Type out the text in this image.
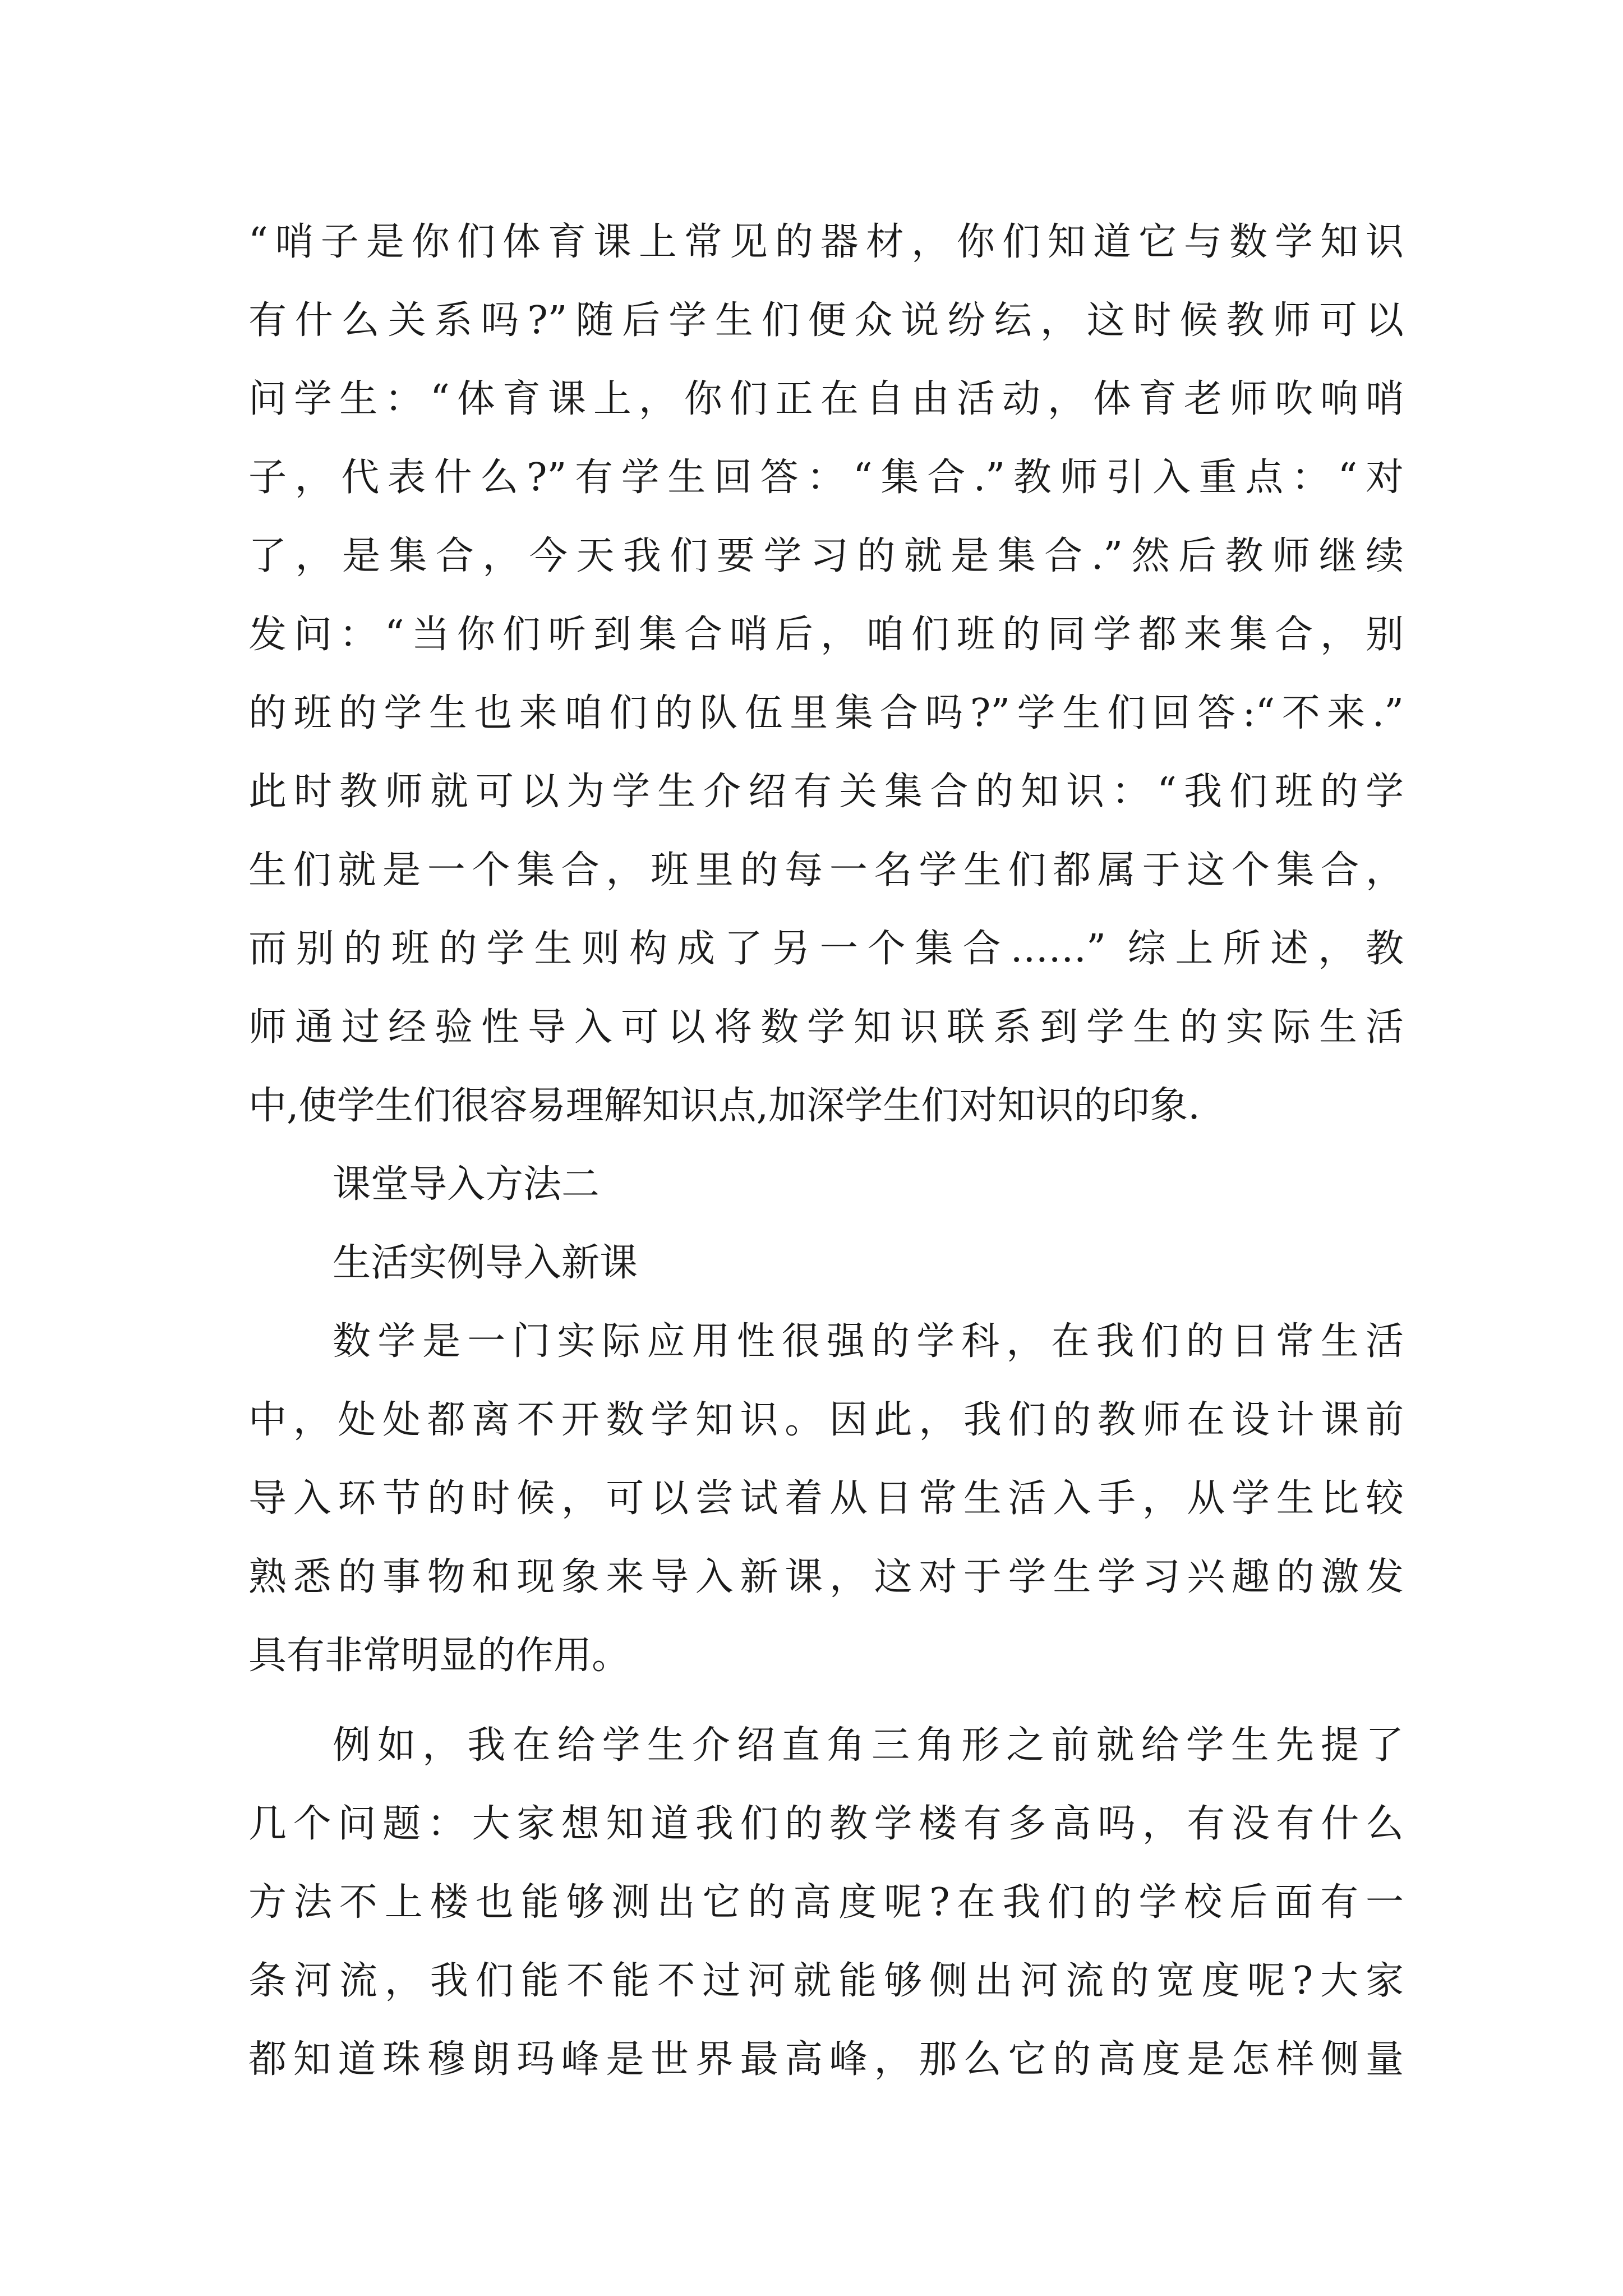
“哨子是你们体育课上常见的器材，你们知道它与数学知识
有什么关系吗?”随后学生们便众说纷纭，这时候教师可以
问学生：“体育课上，你们正在自由活动，体育老师吹响哨
子，代表什么?”有学生回答：“集合.”教师引入重点：“对
了，是集合，今天我们要学习的就是集合.”然后教师继续
发问：“当你们听到集合哨后，咱们班的同学都来集合，别
的班的学生也来咱们的队伍里集合吗?”学生们回答:“不来.”
此时教师就可以为学生介绍有关集合的知识：“我们班的学
生们就是一个集合，班里的每一名学生们都属于这个集合，
而别的班的学生则构成了另一个集合……” 综上所述，教
师通过经验性导入可以将数学知识联系到学生的实际生活
中,使学生们很容易理解知识点,加深学生们对知识的印象.
课堂导入方法二
生活实例导入新课
数学是一门实际应用性很强的学科，在我们的日常生活
中，处处都离不开数学知识。因此，我们的教师在设计课前
导入环节的时候，可以尝试着从日常生活入手，从学生比较
熟悉的事物和现象来导入新课，这对于学生学习兴趣的激发
具有非常明显的作用。
例如，我在给学生介绍直角三角形之前就给学生先提了
几个问题：大家想知道我们的教学楼有多高吗，有没有什么
方法不上楼也能够测出它的高度呢?在我们的学校后面有一
条河流，我们能不能不过河就能够侧出河流的宽度呢?大家
都知道珠穆朗玛峰是世界最高峰，那么它的高度是怎样侧量
